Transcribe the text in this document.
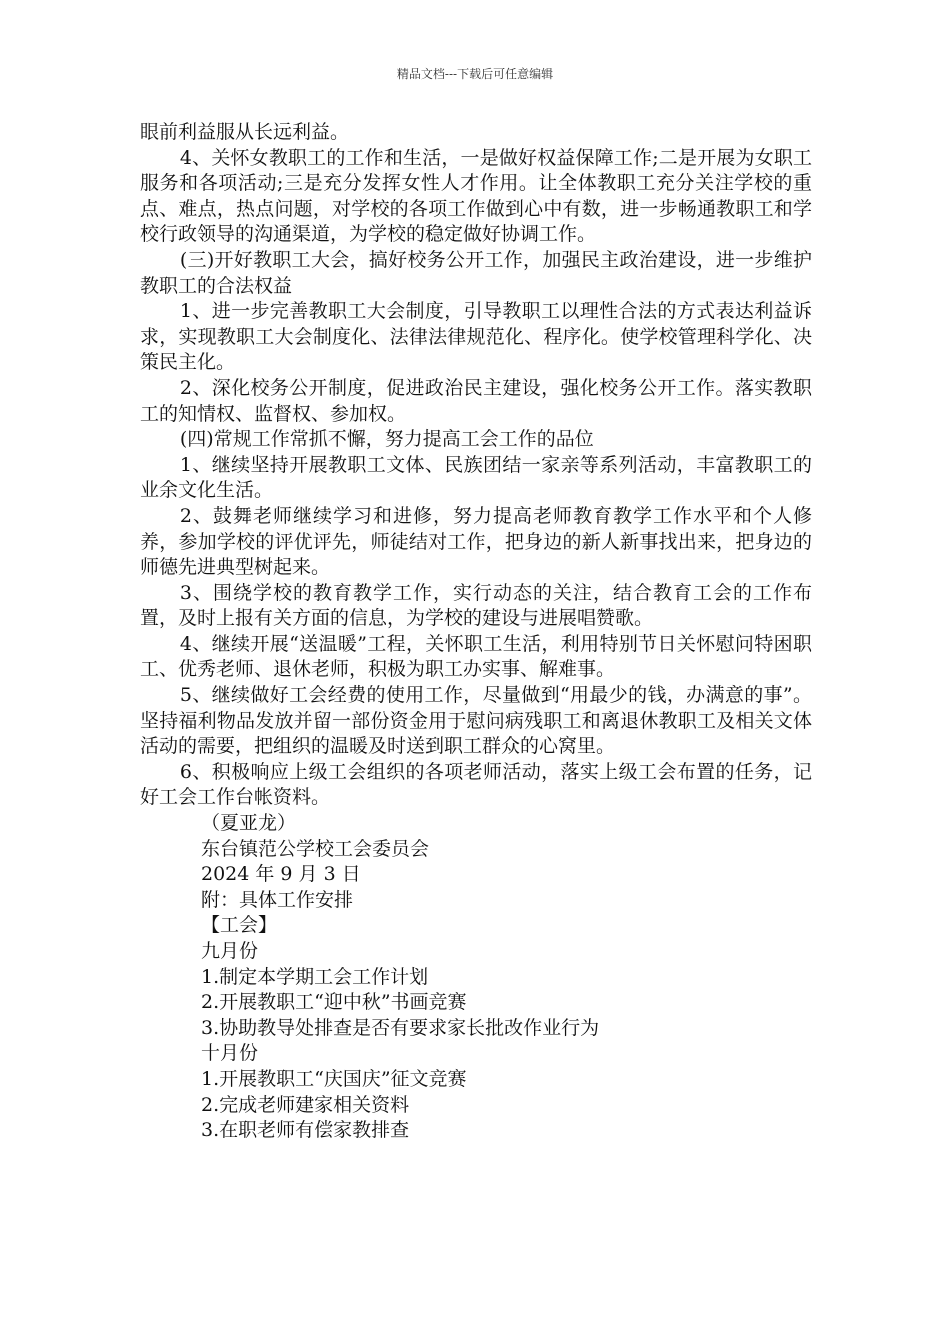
精品文档---下载后可任意编辑

眼前利益服从长远利益。

4、关怀女教职工的工作和生活，一是做好权益保障工作;二是开展为女职工服务和各项活动;三是充分发挥女性人才作用。让全体教职工充分关注学校的重点、难点，热点问题，对学校的各项工作做到心中有数，进一步畅通教职工和学校行政领导的沟通渠道，为学校的稳定做好协调工作。

(三)开好教职工大会，搞好校务公开工作，加强民主政治建设，进一步维护教职工的合法权益

1、进一步完善教职工大会制度，引导教职工以理性合法的方式表达利益诉求，实现教职工大会制度化、法律法律规范化、程序化。使学校管理科学化、决策民主化。

2、深化校务公开制度，促进政治民主建设，强化校务公开工作。落实教职工的知情权、监督权、参加权。

(四)常规工作常抓不懈，努力提高工会工作的品位

1、继续坚持开展教职工文体、民族团结一家亲等系列活动，丰富教职工的业余文化生活。

2、鼓舞老师继续学习和进修，努力提高老师教育教学工作水平和个人修养，参加学校的评优评先，师徒结对工作，把身边的新人新事找出来，把身边的师德先进典型树起来。

3、围绕学校的教育教学工作，实行动态的关注，结合教育工会的工作布置，及时上报有关方面的信息，为学校的建设与进展唱赞歌。

4、继续开展“送温暖”工程，关怀职工生活，利用特别节日关怀慰问特困职工、优秀老师、退休老师，积极为职工办实事、解难事。

5、继续做好工会经费的使用工作，尽量做到“用最少的钱，办满意的事”。坚持福利物品发放并留一部份资金用于慰问病残职工和离退休教职工及相关文体活动的需要，把组织的温暖及时送到职工群众的心窝里。

6、积极响应上级工会组织的各项老师活动，落实上级工会布置的任务，记好工会工作台帐资料。

（夏亚龙）

东台镇范公学校工会委员会

2024 年 9 月 3 日

附：具体工作安排

【工会】

九月份

1.制定本学期工会工作计划

2.开展教职工“迎中秋”书画竞赛

3.协助教导处排查是否有要求家长批改作业行为

十月份

1.开展教职工“庆国庆”征文竞赛

2.完成老师建家相关资料

3.在职老师有偿家教排查
